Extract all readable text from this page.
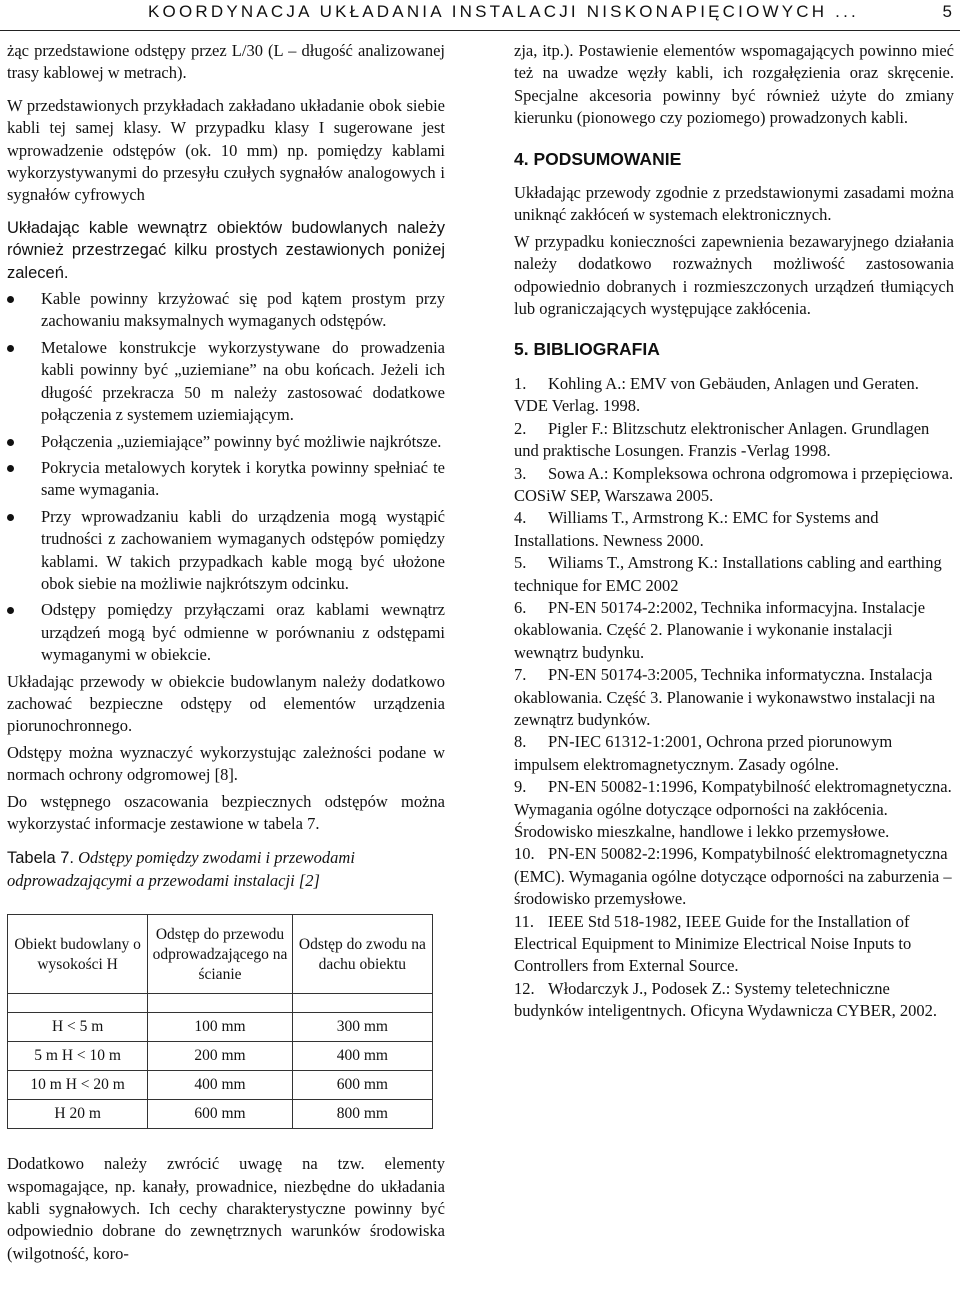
KOORDYNACJA UKŁADANIA INSTALACJI NISKONAPIĘCIOWYCH ...	5

żąc przedstawione odstępy przez L/30 (L – długość analizowanej trasy kablowej w metrach).

W przedstawionych przykładach zakładano układanie obok siebie kabli tej samej klasy. W przypadku klasy I sugerowane jest wprowadzenie odstępów (ok. 10 mm) np. pomiędzy kablami wykorzystywanymi do przesyłu czułych sygnałów analogowych i sygnałów cyfrowych

Układając kable wewnątrz obiektów budowlanych należy również przestrzegać kilku prostych zestawionych poniżej zaleceń.

Kable powinny krzyżować się pod kątem prostym przy zachowaniu maksymalnych wymaganych odstępów.
Metalowe konstrukcje wykorzystywane do prowadzenia kabli powinny być „uziemiane” na obu końcach. Jeżeli ich długość przekracza 50 m należy zastosować dodatkowe połączenia z systemem uziemiającym.
Połączenia „uziemiające” powinny być możliwie najkrótsze.
Pokrycia metalowych korytek i korytka powinny spełniać te same wymagania.
Przy wprowadzaniu kabli do urządzenia mogą wystąpić trudności z zachowaniem wymaganych odstępów pomiędzy kablami. W takich przypadkach kable mogą być ułożone obok siebie na możliwie najkrótszym odcinku.
Odstępy pomiędzy przyłączami oraz kablami wewnątrz urządzeń mogą być odmienne w porównaniu z odstępami wymaganymi w obiekcie.

Układając przewody w obiekcie budowlanym należy dodatkowo zachować bezpieczne odstępy od elementów urządzenia piorunochronnego.

Odstępy można wyznaczyć wykorzystując zależności podane w normach ochrony odgromowej [8].

Do wstępnego oszacowania bezpiecznych odstępów można wykorzystać informacje zestawione w tabela 7.

Tabela 7. Odstępy pomiędzy zwodami i przewodami odprowadzającymi a przewodami instalacji [2]
Obiekt budowlany o wysokości H	Odstęp do przewodu odprowadzającego na ścianie	Odstęp do zwodu na dachu obiektu

H < 5 m	100 mm	300 mm
5 m H < 10 m	200 mm	400 mm
10 m H < 20 m	400 mm	600 mm
H 20 m	600 mm	800 mm

Dodatkowo należy zwrócić uwagę na tzw. elementy wspomagające, np. kanały, prowadnice, niezbędne do układania kabli sygnałowych. Ich cechy charakterystyczne powinny być odpowiednio dobrane do zewnętrznych warunków środowiska (wilgotność, koro-

zja, itp.). Postawienie elementów wspomagających powinno mieć też na uwadze węzły kabli, ich rozgałęzienia oraz skręcenie. Specjalne akcesoria powinny być również użyte do zmiany kierunku (pionowego czy poziomego) prowadzonych kabli.

4. PODSUMOWANIE

Układając przewody zgodnie z przedstawionymi zasadami można uniknąć zakłóceń w systemach elektronicznych.

W przypadku konieczności zapewnienia bezawaryjnego działania należy dodatkowo rozważnych możliwość zastosowania odpowiednio dobranych i rozmieszczonych urządzeń tłumiących lub ograniczających występujące zakłócenia.

5. BIBLIOGRAFIA
1. Kohling A.: EMV von Gebäuden, Anlagen und Geraten. VDE Verlag. 1998.
2. Pigler F.: Blitzschutz elektronischer Anlagen. Grundlagen und praktische Losungen. Franzis -Verlag 1998.
3. Sowa A.: Kompleksowa ochrona odgromowa i przepięciowa. COSiW SEP, Warszawa 2005.
4. Williams T., Armstrong K.: EMC for Systems and Installations. Newness 2000.
5. Wiliams T., Amstrong K.: Installations cabling and earthing technique for EMC 2002
6. PN-EN 50174-2:2002, Technika informacyjna. Instalacje okablowania. Część 2. Planowanie i wykonanie instalacji wewnątrz budynku.
7. PN-EN 50174-3:2005, Technika informatyczna. Instalacja okablowania. Część 3. Planowanie i wykonawstwo instalacji na zewnątrz budynków.
8. PN-IEC 61312-1:2001, Ochrona przed piorunowym impulsem elektromagnetycznym. Zasady ogólne.
9. PN-EN 50082-1:1996, Kompatybilność elektromagnetyczna. Wymagania ogólne dotyczące odporności na zakłócenia. Środowisko mieszkalne, handlowe i lekko przemysłowe.
10. PN-EN 50082-2:1996, Kompatybilność elektromagnetyczna (EMC). Wymagania ogólne dotyczące odporności na zaburzenia – środowisko przemysłowe.
11. IEEE Std 518-1982, IEEE Guide for the Installation of Electrical Equipment to Minimize Electrical Noise Inputs to Controllers from External Source.
12. Włodarczyk J., Podosek Z.: Systemy teletechniczne budynków inteligentnych. Oficyna Wydawnicza CYBER, 2002.
